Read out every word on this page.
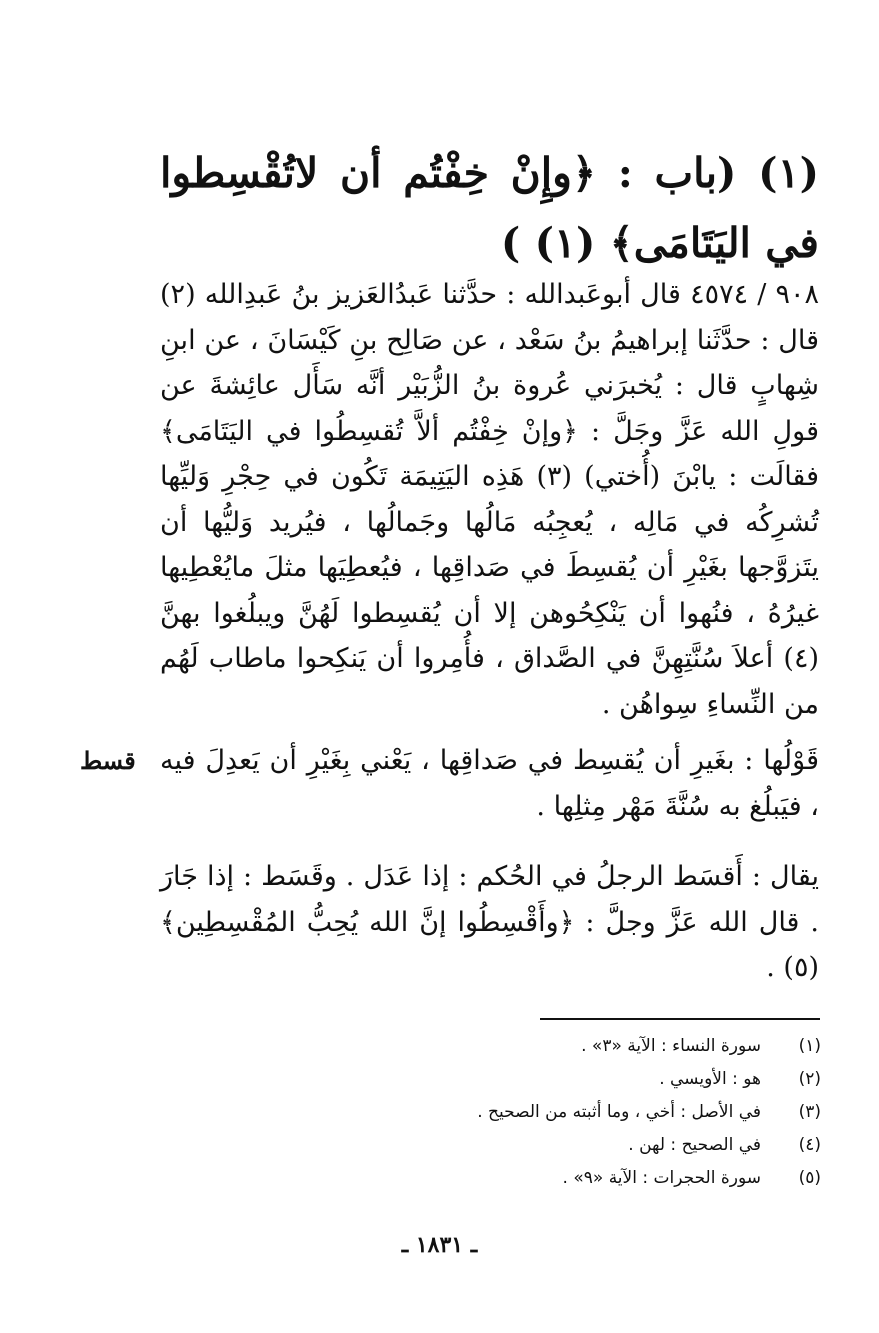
(١) (باب : ﴿وإِنْ خِفْتُم أن لاتُقْسِطوا في اليَتَامَى﴾ (١) )
٩٠٨ / ٤٥٧٤ قال أبوعَبدالله : حدَّثنا عَبدُالعَزيز بنُ عَبدِالله (٢) قال : حدَّثَنا إبراهيمُ بنُ سَعْد ، عن صَالِح بنِ كَيْسَانَ ، عن ابنِ شِهابٍ قال : يُخبرَني عُروة بنُ الزُّبَيْر أنَّه سَأَل عائِشةَ عن قولِ الله عَزَّ وجَلَّ : ﴿وإنْ خِفْتُم ألاَّ تُقسِطُوا في اليَتَامَى﴾ فقالَت : يابْنَ (أُختي) (٣) هَذِه اليَتِيمَة تَكُون في حِجْرِ وَليِّها تُشرِكُه في مَالِه ، يُعجِبُه مَالُها وجَمالُها ، فيُريد وَليُّها أن يتَزوَّجها بغَيْرِ أن يُقسِطَ في صَداقِها ، فيُعطِيَها مثلَ مايُعْطِيها غيرُهُ ، فنُهوا أن يَنْكِحُوهن إلا أن يُقسِطوا لَهُنَّ ويبلُغوا بهنَّ (٤) أعلاَ سُنَّتِهِنَّ في الصَّداق ، فأُمِروا أن يَنكِحوا ماطاب لَهُم من النِّساءِ سِواهُن .
قَوْلُها : بغَيرِ أن يُقسِط في صَداقِها ، يَعْني بِغَيْرِ أن يَعدِلَ فيه ، فيَبلُغ به سُنَّةَ مَهْر مِثلِها .
يقال : أَقسَط الرجلُ في الحُكم : إذا عَدَل . وقَسَط : إذا جَارَ . قال الله عَزَّ وجلَّ : ﴿وأَقْسِطُوا إنَّ الله يُحِبُّ المُقْسِطِين﴾ (٥) .
قسط
(١)
سورة النساء : الآية «٣» .
(٢)
هو : الأويسي .
(٣)
في الأصل : أخي ، وما أثبته من الصحيح .
(٤)
في الصحيح : لهن .
(٥)
سورة الحجرات : الآية «٩» .
ـ ١٨٣١ ـ
